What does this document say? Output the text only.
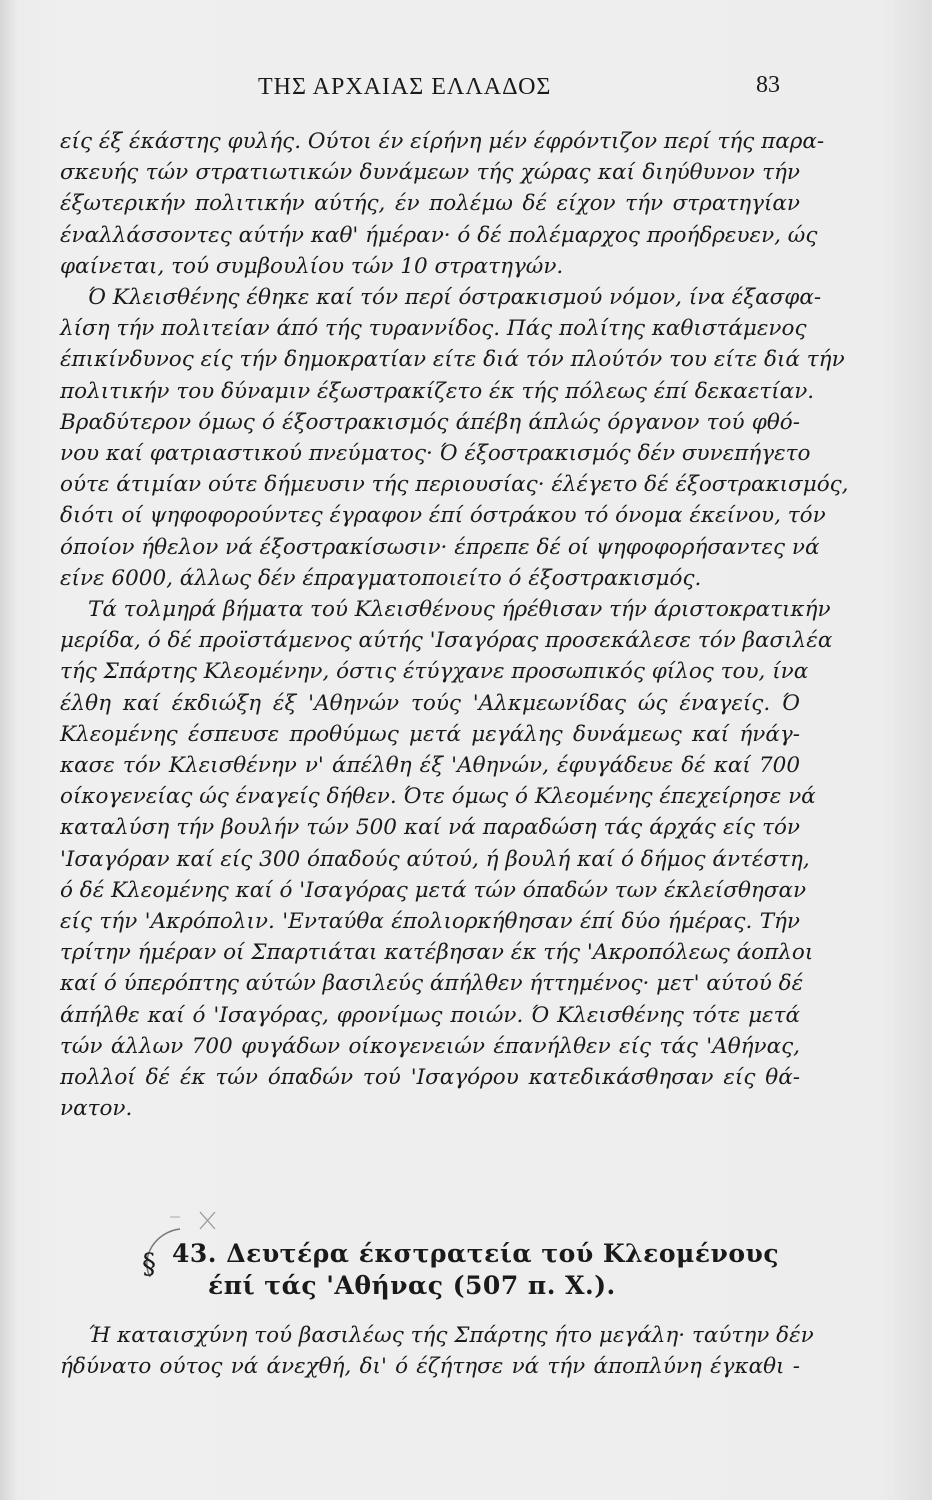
ΤΗΣ ΑΡΧΑΙΑΣ ΕΛΛΑΔΟΣ	83
είς έξ έκάστης φυλής. Ούτοι έν είρήνη μέν έφρόντιζον περί τής παρα-
σκευής τών στρατιωτικών δυνάμεων τής χώρας καί διηύθυνον τήν
έξωτερικήν πολιτικήν αύτής, έν πολέμω δέ είχον τήν στρατηγίαν
έναλλάσσοντες αύτήν καθ' ήμέραν· ό δέ πολέμαρχος προήδρευεν, ώς
φαίνεται, τού συμβουλίου τών 10 στρατηγών.
Ό Κλεισθένης έθηκε καί τόν περί όστρακισμού νόμον, ίνα έξασφα-
λίση τήν πολιτείαν άπό τής τυραννίδος. Πάς πολίτης καθιστάμενος
έπικίνδυνος είς τήν δημοκρατίαν είτε διά τόν πλούτόν του είτε διά τήν
πολιτικήν του δύναμιν έξωστρακίζετο έκ τής πόλεως έπί δεκαετίαν.
Βραδύτερον όμως ό έξοστρακισμός άπέβη άπλώς όργανον τού φθό-
νου καί φατριαστικού πνεύματος· Ό έξοστρακισμός δέν συνεπήγετο
ούτε άτιμίαν ούτε δήμευσιν τής περιουσίας· έλέγετο δέ έξοστρακισμός,
διότι οί ψηφοφορούντες έγραφον έπί όστράκου τό όνομα έκείνου, τόν
όποίον ήθελον νά έξοστρακίσωσιν· έπρεπε δέ οί ψηφοφορήσαντες νά
είνε 6000, άλλως δέν έπραγματοποιείτο ό έξοστρακισμός.
Τά τολμηρά βήματα τού Κλεισθένους ήρέθισαν τήν άριστοκρατικήν
μερίδα, ό δέ προϊστάμενος αύτής 'Ισαγόρας προσεκάλεσε τόν βασιλέα
τής Σπάρτης Κλεομένην, όστις έτύγχανε προσωπικός φίλος του, ίνα
έλθη καί έκδιώξη έξ 'Αθηνών τούς 'Αλκμεωνίδας ώς έναγείς. Ό
Κλεομένης έσπευσε προθύμως μετά μεγάλης δυνάμεως καί ήνάγ-
κασε τόν Κλεισθένην ν' άπέλθη έξ 'Αθηνών, έφυγάδευε δέ καί 700
οίκογενείας ώς έναγείς δήθεν. Ότε όμως ό Κλεομένης έπεχείρησε νά
καταλύση τήν βουλήν τών 500 καί νά παραδώση τάς άρχάς είς τόν
'Ισαγόραν καί είς 300 όπαδούς αύτού, ή βουλή καί ό δήμος άντέστη,
ό δέ Κλεομένης καί ό 'Ισαγόρας μετά τών όπαδών των έκλείσθησαν
είς τήν 'Ακρόπολιν. 'Ενταύθα έπολιορκήθησαν έπί δύο ήμέρας. Τήν
τρίτην ήμέραν οί Σπαρτιάται κατέβησαν έκ τής 'Ακροπόλεως άοπλοι
καί ό ύπερόπτης αύτών βασιλεύς άπήλθεν ήττημένος· μετ' αύτού δέ
άπήλθε καί ό 'Ισαγόρας, φρονίμως ποιών. Ό Κλεισθένης τότε μετά
τών άλλων 700 φυγάδων οίκογενειών έπανήλθεν είς τάς 'Αθήνας,
πολλοί δέ έκ τών όπαδών τού 'Ισαγόρου κατεδικάσθησαν είς θά-
νατον.
§ 43. Δευτέρα έκστρατεία τού Κλεομένους
έπί τάς 'Αθήνας (507 π. Χ.).
Ή καταισχύνη τού βασιλέως τής Σπάρτης ήτο μεγάλη· ταύτην δέν
ήδύνατο ούτος νά άνεχθή, δι' ό έζήτησε νά τήν άποπλύνη έγκαθι -
